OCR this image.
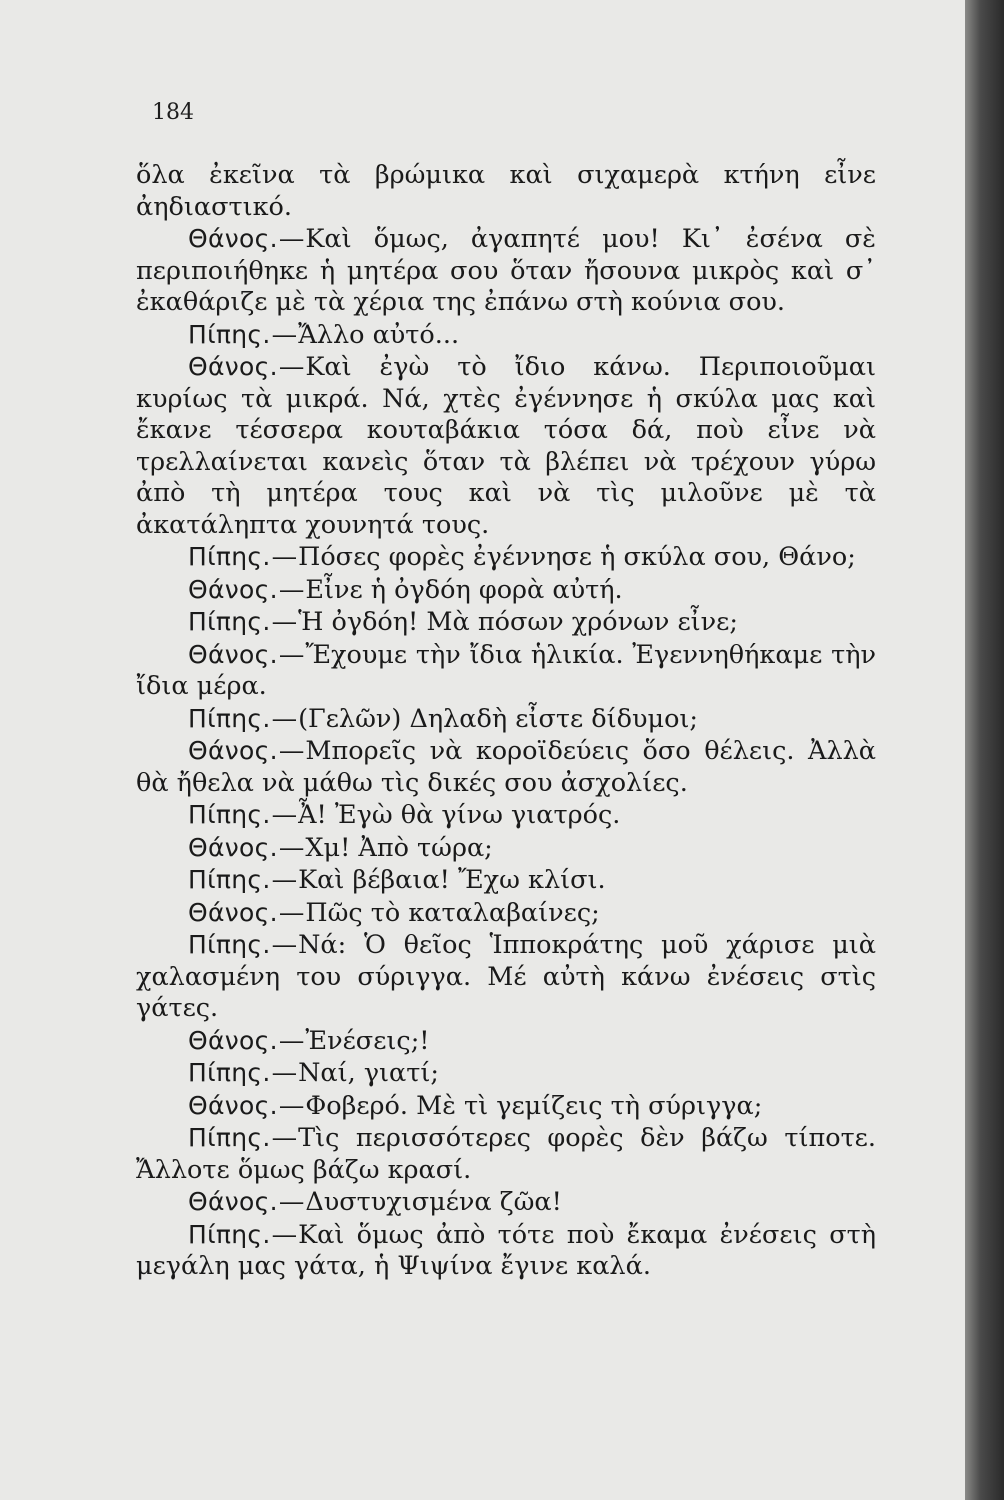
184

ὅλα ἐκεῖνα τὰ βρώμικα καὶ σιχαμερὰ κτήνη εἶνε ἀηδιαστικό.

Θάνος.—Καὶ ὅμως, ἀγαπητέ μου! Κι᾽ ἐσένα σὲ περιποιήθηκε ἡ μητέρα σου ὅταν ἤσουνα μικρὸς καὶ σ᾽ ἐκαθάριζε μὲ τὰ χέρια της ἐπάνω στὴ κούνια σου.

Πίπης.—Ἄλλο αὐτό...

Θάνος.—Καὶ ἐγὼ τὸ ἴδιο κάνω. Περιποιοῦμαι κυρίως τὰ μικρά. Νά, χτὲς ἐγέννησε ἡ σκύλα μας καὶ ἔκανε τέσσερα κουταβάκια τόσα δά, ποὺ εἶνε νὰ τρελλαίνεται κανεὶς ὅταν τὰ βλέπει νὰ τρέχουν γύρω ἀπὸ τὴ μητέρα τους καὶ νὰ τὶς μιλοῦνε μὲ τὰ ἀκατάληπτα χουνητά τους.

Πίπης.—Πόσες φορὲς ἐγέννησε ἡ σκύλα σου, Θάνο;

Θάνος.—Εἶνε ἡ ὀγδόη φορὰ αὐτή.

Πίπης.—Ἡ ὀγδόη! Μὰ πόσων χρόνων εἶνε;

Θάνος.—Ἔχουμε τὴν ἴδια ἡλικία. Ἐγεννηθήκαμε τὴν ἴδια μέρα.

Πίπης.—(Γελῶν) Δηλαδὴ εἶστε δίδυμοι;

Θάνος.—Μπορεῖς νὰ κοροϊδεύεις ὅσο θέλεις. Ἀλλὰ θὰ ἤθελα νὰ μάθω τὶς δικές σου ἀσχολίες.

Πίπης.—Ἆ! Ἐγὼ θὰ γίνω γιατρός.

Θάνος.—Χμ! Ἀπὸ τώρα;

Πίπης.—Καὶ βέβαια! Ἔχω κλίσι.

Θάνος.—Πῶς τὸ καταλαβαίνες;

Πίπης.—Νά: Ὁ θεῖος Ἱπποκράτης μοῦ χάρισε μιὰ χαλασμένη του σύριγγα. Μέ αὐτὴ κάνω ἐνέσεις στὶς γάτες.

Θάνος.—Ἐνέσεις;!

Πίπης.—Ναί, γιατί;

Θάνος.—Φοβερό. Μὲ τὶ γεμίζεις τὴ σύριγγα;

Πίπης.—Τὶς περισσότερες φορὲς δὲν βάζω τίποτε. Ἄλλοτε ὅμως βάζω κρασί.

Θάνος.—Δυστυχισμένα ζῶα!

Πίπης.—Καὶ ὅμως ἀπὸ τότε ποὺ ἔκαμα ἐνέσεις στὴ μεγάλη μας γάτα, ἡ Ψιψίνα ἔγινε καλά.
